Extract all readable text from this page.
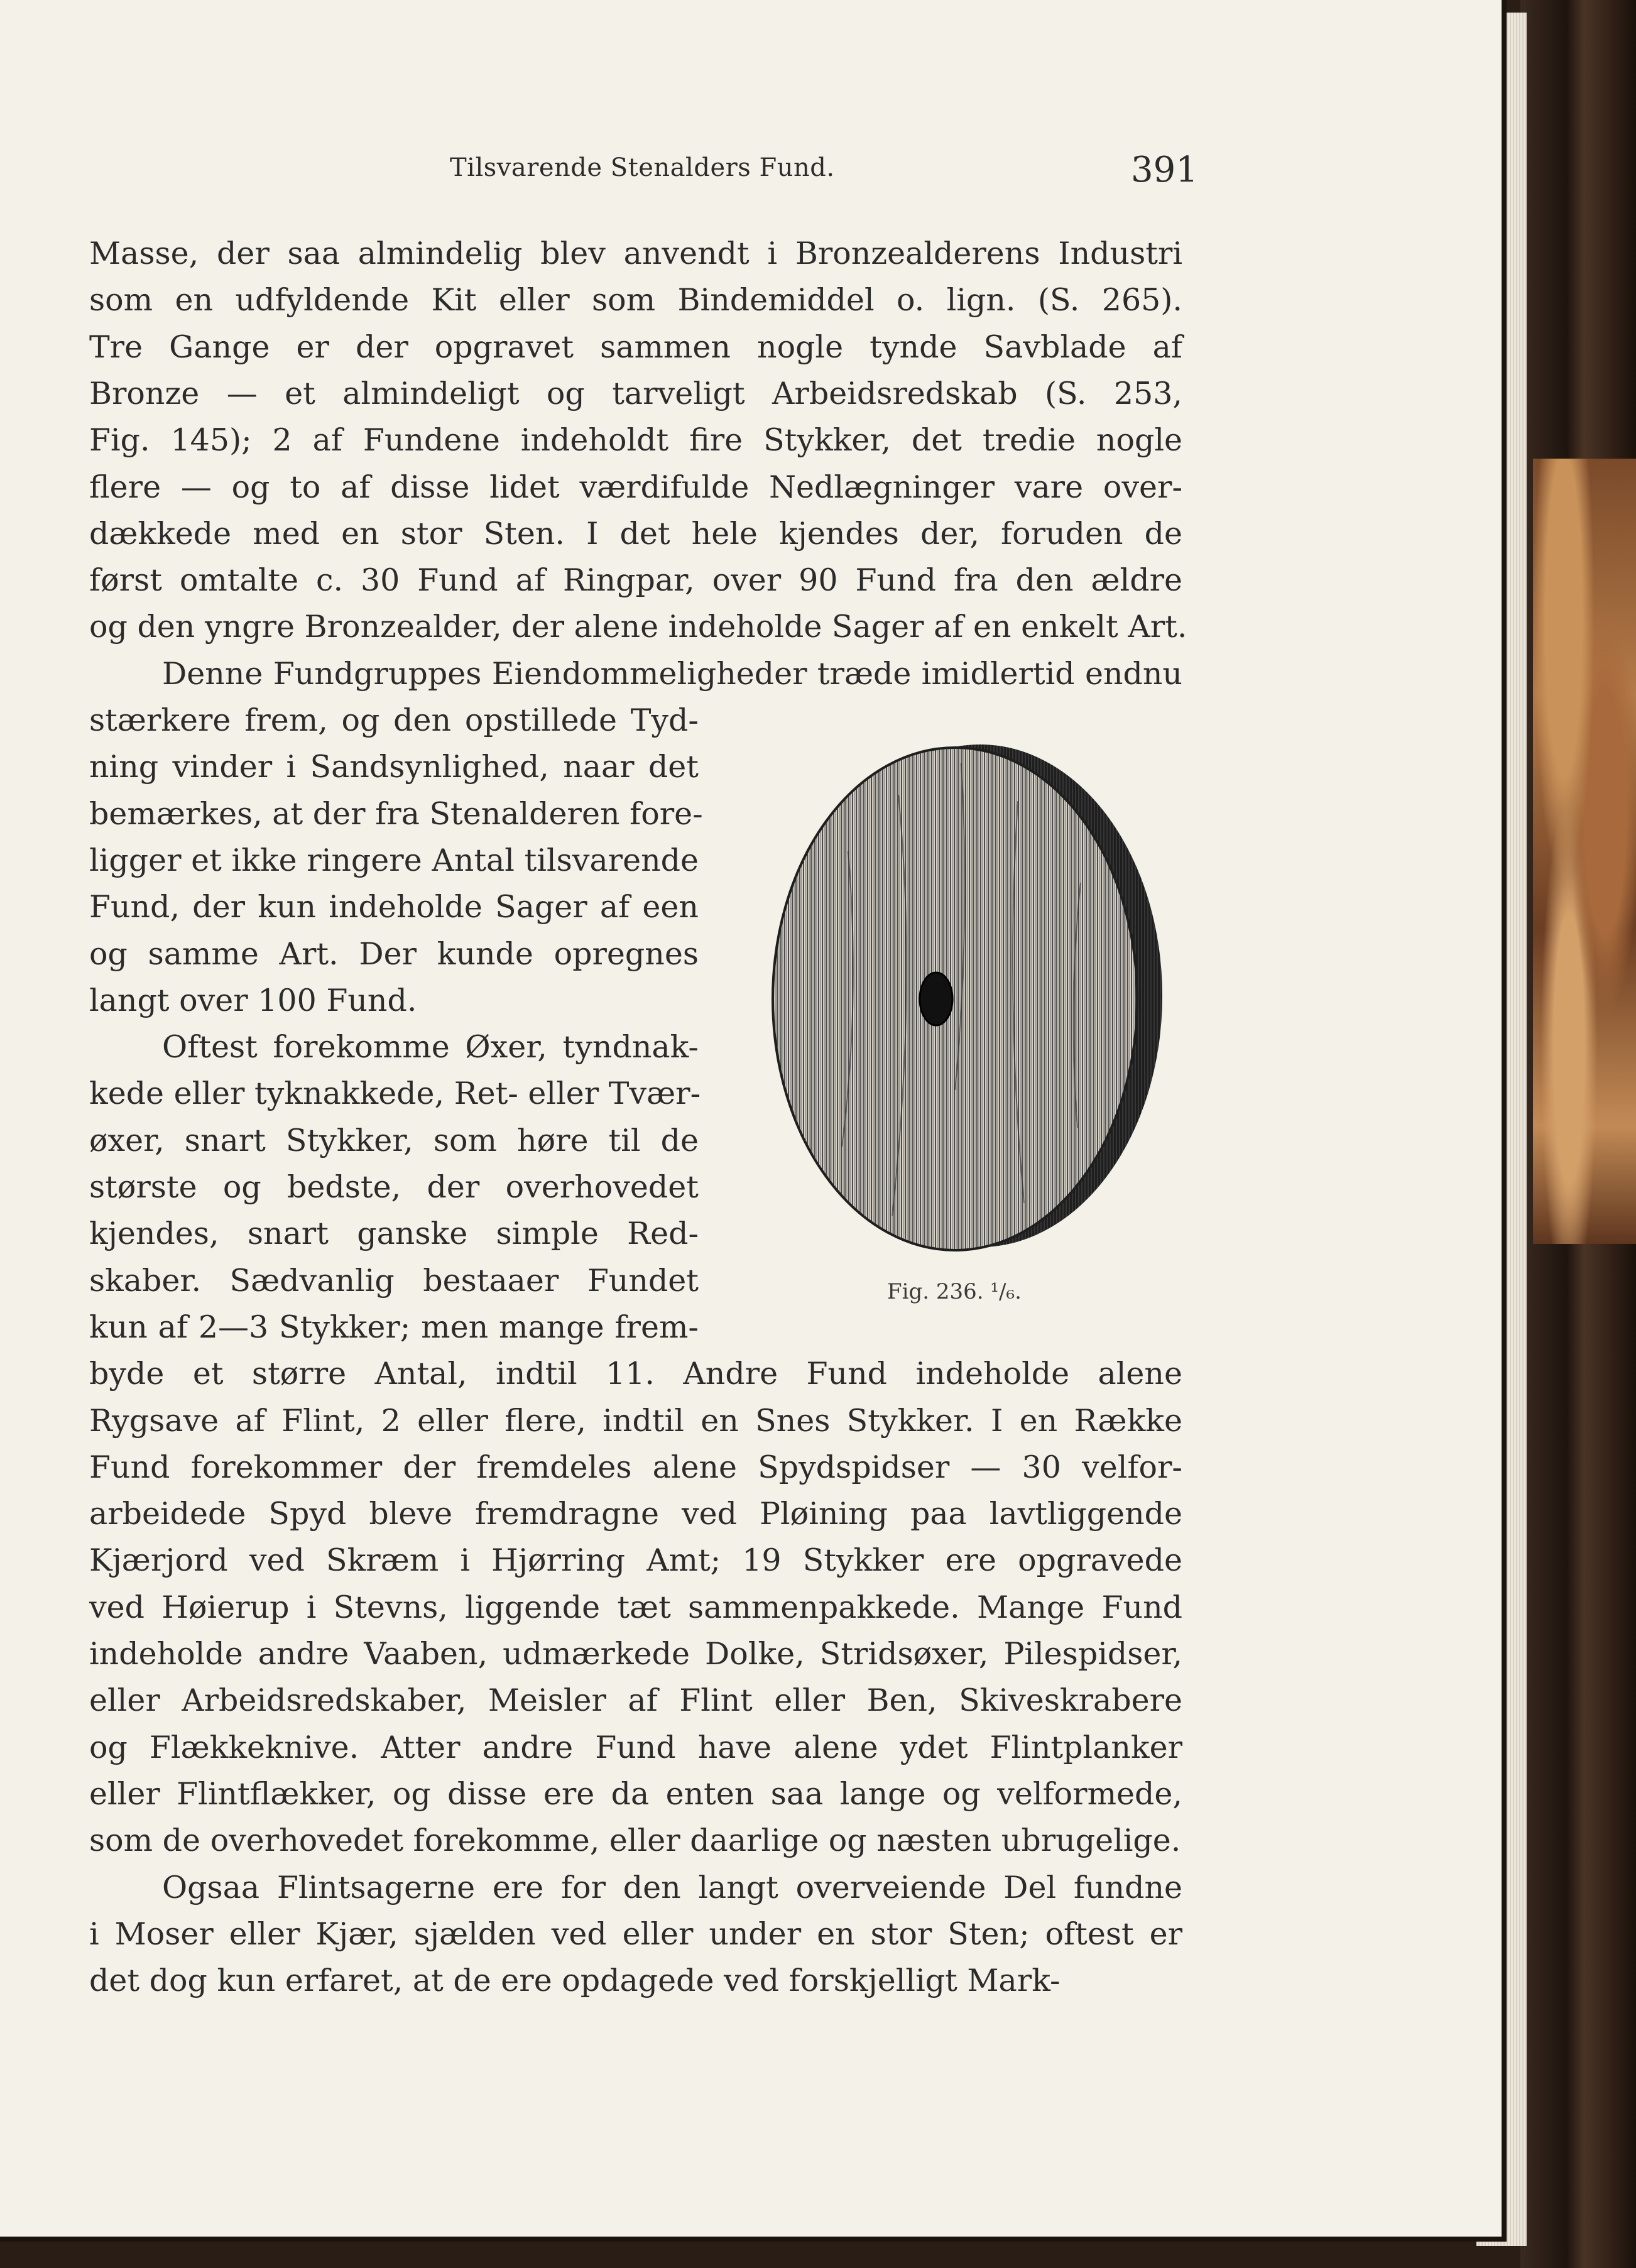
Tilsvarende Stenalders Fund.	391
Masse, der saa almindelig blev anvendt i Bronzealderens Industri
som en udfyldende Kit eller som Bindemiddel o. lign. (S. 265).
Tre Gange er der opgravet sammen nogle tynde Savblade af
Bronze — et almindeligt og tarveligt Arbeidsredskab (S. 253,
Fig. 145); 2 af Fundene indeholdt fire Stykker, det tredie nogle
flere — og to af disse lidet værdifulde Nedlægninger vare over-
dækkede med en stor Sten. I det hele kjendes der, foruden de
først omtalte c. 30 Fund af Ringpar, over 90 Fund fra den ældre
og den yngre Bronzealder, der alene indeholde Sager af en enkelt Art.
Denne Fundgruppes Eiendommeligheder træde imidlertid endnu
stærkere frem, og den opstillede Tyd-
ning vinder i Sandsynlighed, naar det
bemærkes, at der fra Stenalderen fore-
ligger et ikke ringere Antal tilsvarende
Fund, der kun indeholde Sager af een
og samme Art. Der kunde opregnes
langt over 100 Fund.
Oftest forekomme Øxer, tyndnak-
kede eller tyknakkede, Ret- eller Tvær-
øxer, snart Stykker, som høre til de
største og bedste, der overhovedet
kjendes, snart ganske simple Red-
skaber. Sædvanlig bestaaer Fundet
kun af 2—3 Stykker; men mange frem-
byde et større Antal, indtil 11. Andre Fund indeholde alene
Rygsave af Flint, 2 eller flere, indtil en Snes Stykker. I en Række
Fund forekommer der fremdeles alene Spydspidser — 30 velfor-
arbeidede Spyd bleve fremdragne ved Pløining paa lavtliggende
Kjærjord ved Skræm i Hjørring Amt; 19 Stykker ere opgravede
ved Høierup i Stevns, liggende tæt sammenpakkede. Mange Fund
indeholde andre Vaaben, udmærkede Dolke, Stridsøxer, Pilespidser,
eller Arbeidsredskaber, Meisler af Flint eller Ben, Skiveskrabere
og Flækkeknive. Atter andre Fund have alene ydet Flintplanker
eller Flintflækker, og disse ere da enten saa lange og velformede,
som de overhovedet forekomme, eller daarlige og næsten ubrugelige.
Ogsaa Flintsagerne ere for den langt overveiende Del fundne
i Moser eller Kjær, sjælden ved eller under en stor Sten; oftest er
det dog kun erfaret, at de ere opdagede ved forskjelligt Mark-
Fig. 236. ¹/₆.
